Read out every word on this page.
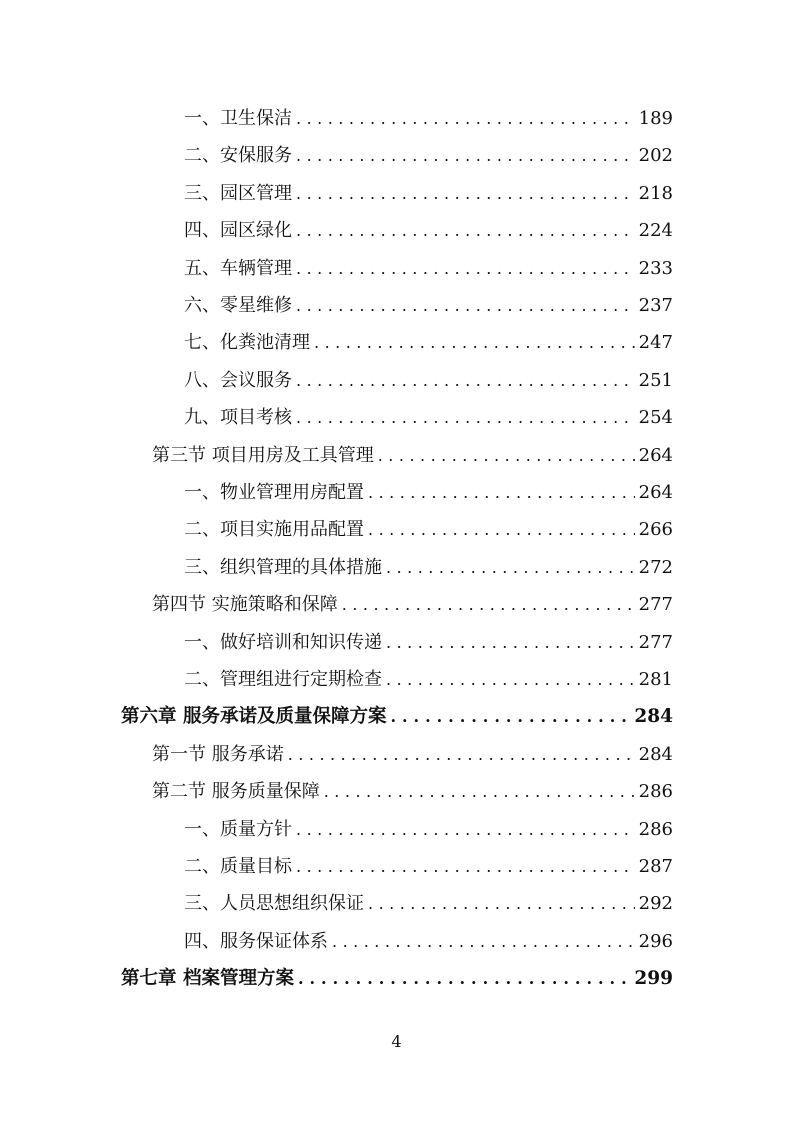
一、卫生保洁 . . .	189
二、安保服务 . . .	202
三、园区管理 . . .	218
四、园区绿化 . . .	224
五、车辆管理 . . .	233
六、零星维修 . . .	237
七、化粪池清理 . . .	247
八、会议服务 . . .	251
九、项目考核 . . .	254
第三节 项目用房及工具管理 . . .	264
一、物业管理用房配置 . . .	264
二、项目实施用品配置 . . .	266
三、组织管理的具体措施 . . .	272
第四节 实施策略和保障 . . .	277
一、做好培训和知识传递 . . .	277
二、管理组进行定期检查 . . .	281
第六章 服务承诺及质量保障方案 . . .	284
第一节 服务承诺 . . .	284
第二节 服务质量保障 . . .	286
一、质量方针 . . .	286
二、质量目标 . . .	287
三、人员思想组织保证 . . .	292
四、服务保证体系 . . .	296
第七章 档案管理方案 . . .	299
4
